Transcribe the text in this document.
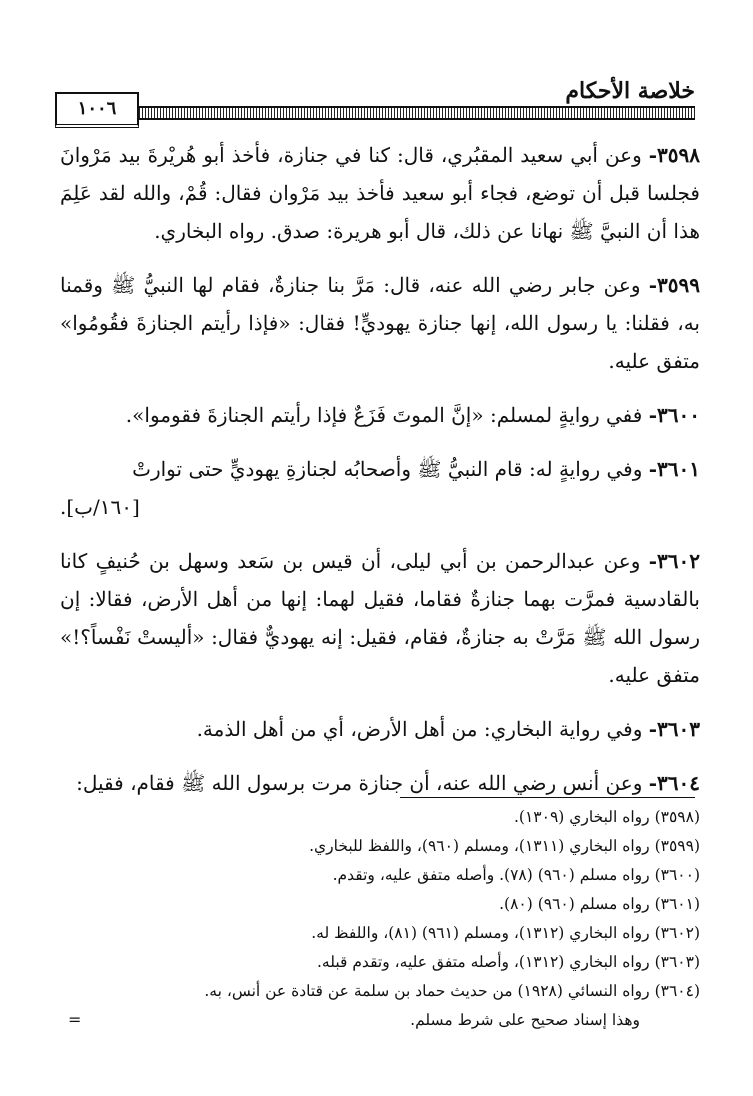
خلاصة الأحكام
١٠٠٦

٣٥٩٨- وعن أبي سعيد المقبُري، قال: كنا في جنازة، فأخذ أبو هُريْرةَ بيد مَرْوانَ فجلسا قبل أن توضع، فجاء أبو سعيد فأخذ بيد مَرْوان فقال: قُمْ، والله لقد عَلِمَ هذا أن النبيَّ ﷺ نهانا عن ذلك، قال أبو هريرة: صدق. رواه البخاري.

٣٥٩٩- وعن جابر رضي الله عنه، قال: مَرَّ بنا جنازةٌ، فقام لها النبيُّ ﷺ وقمنا به، فقلنا: يا رسول الله، إنها جنازة يهوديٍّ! فقال: «فإذا رأيتم الجنازةَ فقُومُوا» متفق عليه.

٣٦٠٠- ففي روايةٍ لمسلم: «إنَّ الموتَ فَزَعٌ فإذا رأيتم الجنازةَ فقوموا».

٣٦٠١- وفي روايةٍ له: قام النبيُّ ﷺ وأصحابُه لجنازةِ يهوديٍّ حتى توارتْ
[١٦٠/ب].

٣٦٠٢- وعن عبدالرحمن بن أبي ليلى، أن قيس بن سَعد وسهل بن حُنيفٍ كانا بالقادسية فمرَّت بهما جنازةٌ فقاما، فقيل لهما: إنها من أهل الأرض، فقالا: إن رسول الله ﷺ مَرَّتْ به جنازةٌ، فقام، فقيل: إنه يهوديٌّ فقال: «أليستْ نَفْساً؟!» متفق عليه.

٣٦٠٣- وفي رواية البخاري: من أهل الأرض، أي من أهل الذمة.

٣٦٠٤- وعن أنس رضي الله عنه، أن جنازة مرت برسول الله ﷺ فقام، فقيل:

(٣٥٩٨) رواه البخاري (١٣٠٩).

(٣٥٩٩) رواه البخاري (١٣١١)، ومسلم (٩٦٠)، واللفظ للبخاري.

(٣٦٠٠) رواه مسلم (٩٦٠) (٧٨). وأصله متفق عليه، وتقدم.

(٣٦٠١) رواه مسلم (٩٦٠) (٨٠).

(٣٦٠٢) رواه البخاري (١٣١٢)، ومسلم (٩٦١) (٨١)، واللفظ له.

(٣٦٠٣) رواه البخاري (١٣١٢)، وأصله متفق عليه، وتقدم قبله.

(٣٦٠٤) رواه النسائي (١٩٢٨) من حديث حماد بن سلمة عن قتادة عن أنس، به.

وهذا إسناد صحيح على شرط مسلم.

=
